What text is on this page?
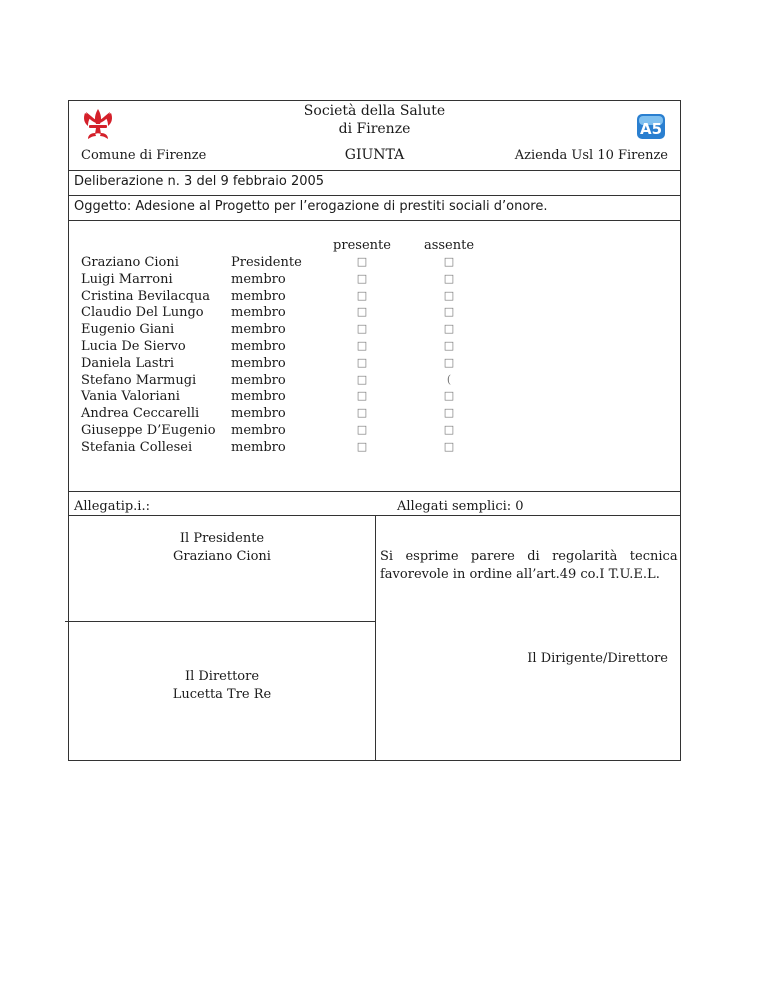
A5
Società della Salute
di Firenze
Comune di Firenze	GIUNTA	Azienda Usl 10 Firenze
Deliberazione n. 3 del 9 febbraio 2005
Oggetto: Adesione al Progetto per l’erogazione di prestiti sociali d’onore.
presente	assente
Graziano Cioni	Presidente	□	□
Luigi Marroni	membro	□	□
Cristina Bevilacqua membro	□	□
Claudio Del Lungo membro	□	□
Eugenio Giani	membro	□	□
Lucia De Siervo	membro	□	□
Daniela Lastri	membro	□	□
Stefano Marmugi	membro	□	(
Vania Valoriani	membro	□	□
Andrea Ceccarelli membro	□	□
Giuseppe D’Eugenio membro	□	□
Stefania Collesei	membro	□	□
Allegatip.i.:	Allegati semplici: 0
Il Presidente
Graziano Cioni
Il Direttore
Lucetta Tre Re
Si   esprime   parere   di   regolarità   tecnica
favorevole in ordine all’art.49 co.I T.U.E.L.
Il Dirigente/Direttore
